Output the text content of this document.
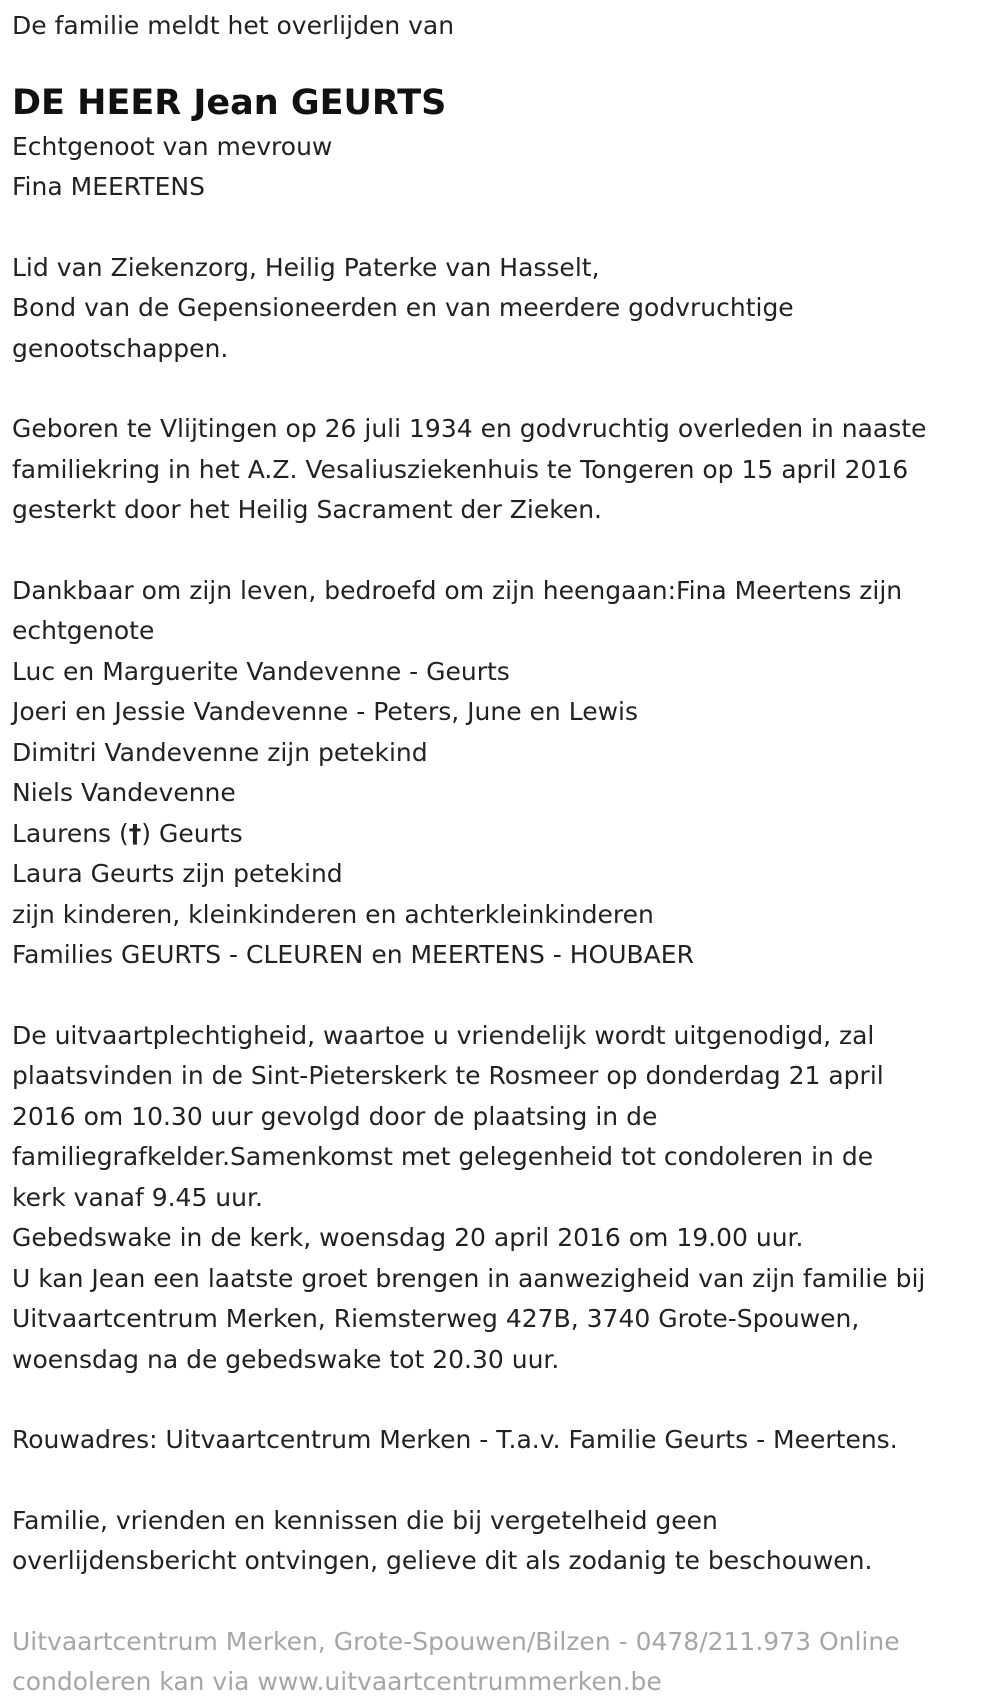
De familie meldt het overlijden van

DE HEER Jean GEURTS

Echtgenoot van mevrouw

Fina MEERTENS

Lid van Ziekenzorg, Heilig Paterke van Hasselt,

Bond van de Gepensioneerden en van meerdere godvruchtige

genootschappen.

Geboren te Vlijtingen op 26 juli 1934 en godvruchtig overleden in naaste

familiekring in het A.Z. Vesaliusziekenhuis te Tongeren op 15 april 2016

gesterkt door het Heilig Sacrament der Zieken.

Dankbaar om zijn leven, bedroefd om zijn heengaan:Fina Meertens zijn

echtgenote

Luc en Marguerite Vandevenne - Geurts

Joeri en Jessie Vandevenne - Peters, June en Lewis

Dimitri Vandevenne zijn petekind

Niels Vandevenne

Laurens (†) Geurts

Laura Geurts zijn petekind

zijn kinderen, kleinkinderen en achterkleinkinderen

Families GEURTS - CLEUREN en MEERTENS - HOUBAER

De uitvaartplechtigheid, waartoe u vriendelijk wordt uitgenodigd, zal

plaatsvinden in de Sint-Pieterskerk te Rosmeer op donderdag 21 april

2016 om 10.30 uur gevolgd door de plaatsing in de

familiegrafkelder.Samenkomst met gelegenheid tot condoleren in de

kerk vanaf 9.45 uur.

Gebedswake in de kerk, woensdag 20 april 2016 om 19.00 uur.

U kan Jean een laatste groet brengen in aanwezigheid van zijn familie bij

Uitvaartcentrum Merken, Riemsterweg 427B, 3740 Grote-Spouwen,

woensdag na de gebedswake tot 20.30 uur.

Rouwadres: Uitvaartcentrum Merken - T.a.v. Familie Geurts - Meertens.

Familie, vrienden en kennissen die bij vergetelheid geen

overlijdensbericht ontvingen, gelieve dit als zodanig te beschouwen.

Uitvaartcentrum Merken, Grote-Spouwen/Bilzen - 0478/211.973 Online

condoleren kan via www.uitvaartcentrummerken.be
